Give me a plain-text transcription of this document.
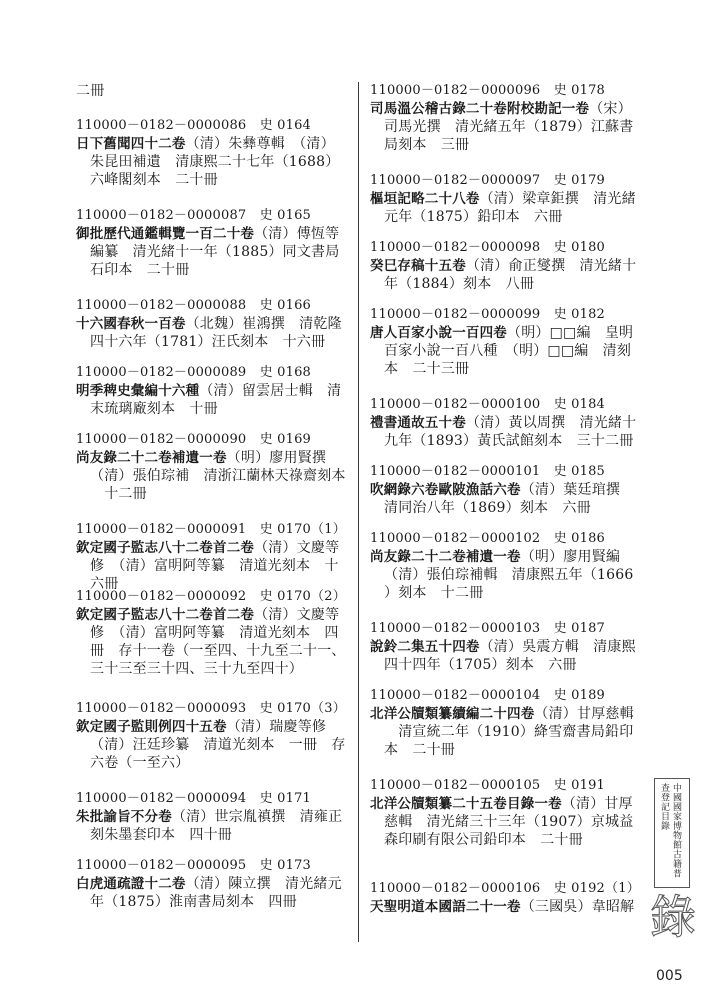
二冊
110000－0182－0000086　史 0164
日下舊聞四十二卷（清）朱彝尊輯　（清）
110000－0182－0000087　史 0165
御批歷代通鑑輯覽一百二十卷（清）傅恆等
110000－0182－0000088　史 0166
十六國春秋一百卷（北魏）崔鴻撰　清乾隆
110000－0182－0000089　史 0168
明季稗史彙編十六種（清）留雲居士輯　清
110000－0182－0000090　史 0169
尚友錄二十二卷補遺一卷（明）廖用賢撰　
110000－0182－0000091　史 0170（1）
欽定國子監志八十二卷首二卷（清）文慶等
110000－0182－0000092　史 0170（2）
欽定國子監志八十二卷首二卷（清）文慶等
110000－0182－0000093　史 0170（3）
欽定國子監則例四十五卷（清）瑞慶等修　
110000－0182－0000094　史 0171
朱批諭旨不分卷（清）世宗胤禛撰　清雍正
110000－0182－0000095　史 0173
白虎通疏證十二卷（清）陳立撰　清光緒元
朱昆田補遺　清康熙二十七年（1688）
六峰閣刻本　二十冊
編纂　清光緒十一年（1885）同文書局
石印本　二十冊
四十六年（1781）汪氏刻本　十六冊
末琉璃廠刻本　十冊
（清）張伯琮補　清浙江蘭林天祿齋刻本
　十二冊
修　（清）富明阿等纂　清道光刻本　十
六冊
修　（清）富明阿等纂　清道光刻本　四
冊　存十一卷（一至四、十九至二十一、
三十三至三十四、三十九至四十）
（清）汪廷珍纂　清道光刻本　一冊　存
六卷（一至六）
刻朱墨套印本　四十冊
年（1875）淮南書局刻本　四冊
110000－0182－0000096　史 0178
司馬溫公稽古錄二十卷附校勘記一卷（宋）
110000－0182－0000097　史 0179
樞垣記略二十八卷（清）梁章鉅撰　清光緒
110000－0182－0000098　史 0180
癸巳存稿十五卷（清）俞正燮撰　清光緒十
110000－0182－0000099　史 0182
唐人百家小說一百四卷（明）□□編　皇明
110000－0182－0000100　史 0184
禮書通故五十卷（清）黃以周撰　清光緒十
110000－0182－0000101　史 0185
吹網錄六卷歐陂漁話六卷（清）葉廷琯撰　
110000－0182－0000102　史 0186
尚友錄二十二卷補遺一卷（明）廖用賢編　
110000－0182－0000103　史 0187
說鈴二集五十四卷（清）吳震方輯　清康熙
110000－0182－0000104　史 0189
北洋公牘類纂續編二十四卷（清）甘厚慈輯
110000－0182－0000105　史 0191
北洋公牘類纂二十五卷目錄一卷（清）甘厚
110000－0182－0000106　史 0192（1）
天聖明道本國語二十一卷（三國吳）韋昭解
司馬光撰　清光緒五年（1879）江蘇書
局刻本　三冊
元年（1875）鉛印本　六冊
年（1884）刻本　八冊
百家小說一百八種　（明）□□編　清刻
本　二十三冊
九年（1893）黃氏試館刻本　三十二冊
清同治八年（1869）刻本　六冊
（清）張伯琮補輯　清康熙五年（1666
）刻本　十二冊
四十四年（1705）刻本　六冊
　清宣統二年（1910）絳雪齋書局鉛印
本　二十冊
慈輯　清光緒三十三年（1907）京城益
森印刷有限公司鉛印本　二十冊	中國國家博物館古籍普查登記目錄
錄
005
